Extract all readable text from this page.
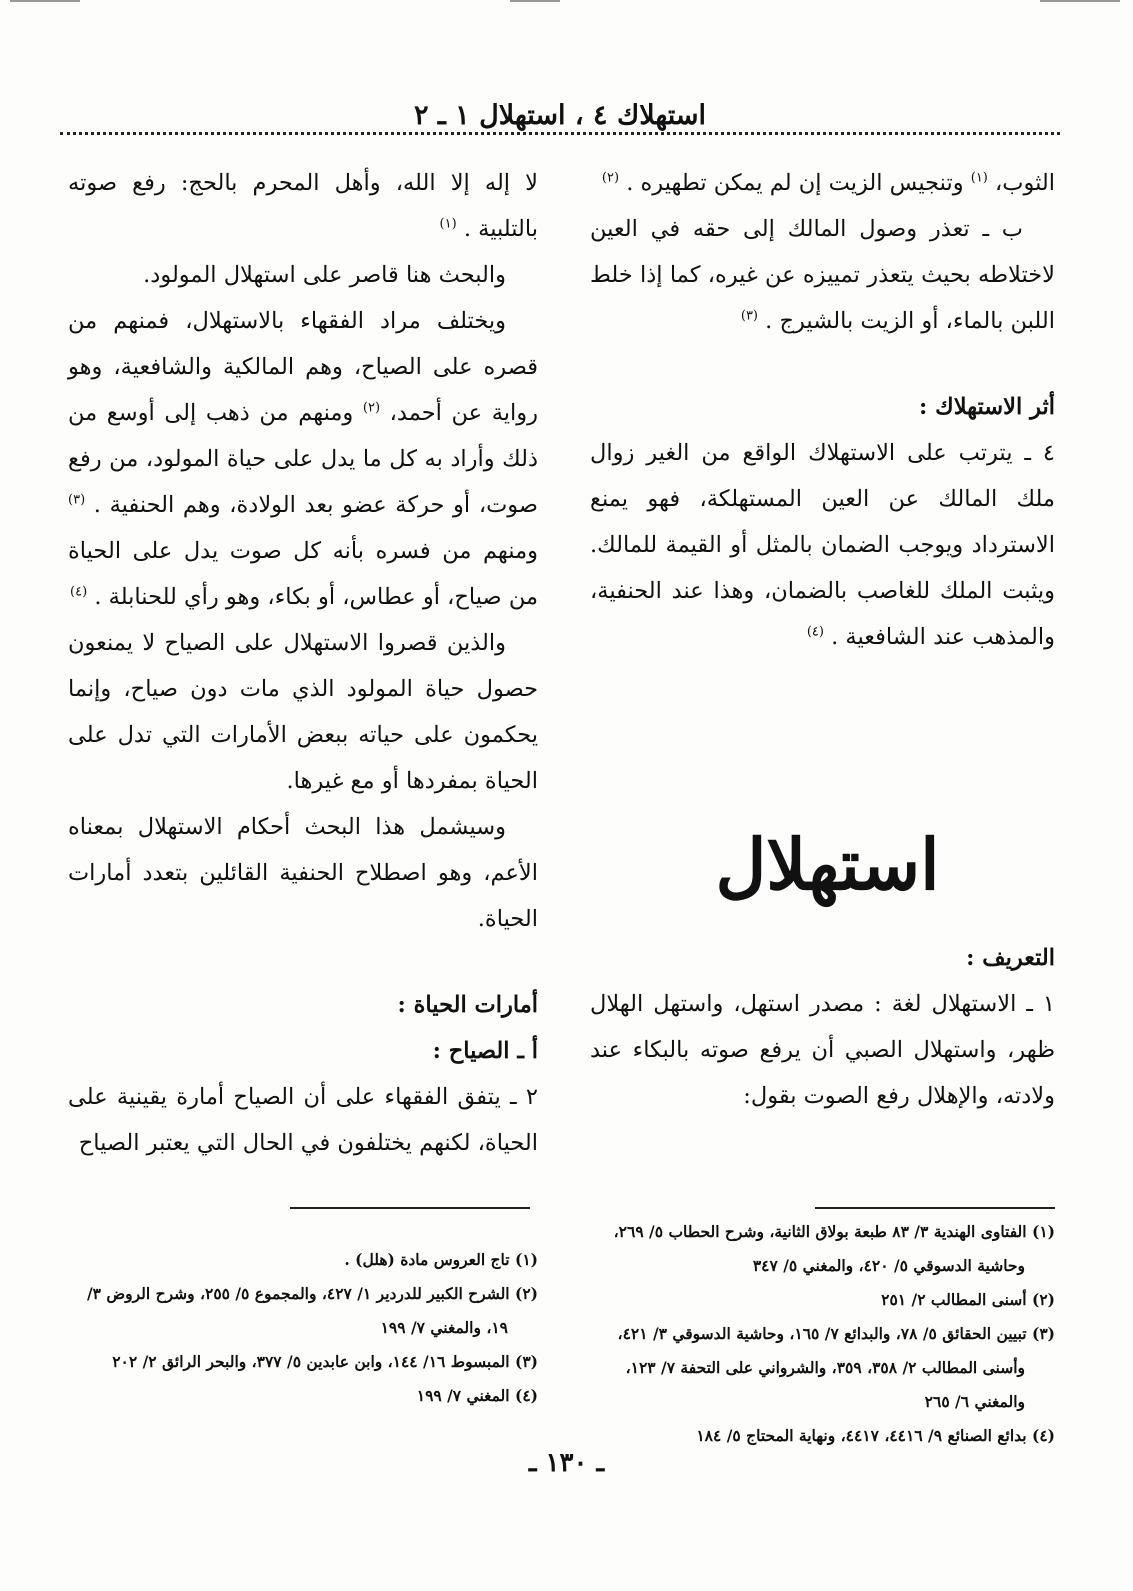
استهلاك ٤ ، استهلال ١ ـ ٢

الثوب، $^{(١)}$ وتنجيس الزيت إن لم يمكن تطهيره . $^{(٢)}$

ب ـ تعذر وصول المالك إلى حقه في العين لاختلاطه بحيث يتعذر تمييزه عن غيره، كما إذا خلط اللبن بالماء، أو الزيت بالشيرج . $^{(٣)}$

أثر الاستهلاك :

٤ ـ يترتب على الاستهلاك الواقع من الغير زوال ملك المالك عن العين المستهلكة، فهو يمنع الاسترداد ويوجب الضمان بالمثل أو القيمة للمالك. ويثبت الملك للغاصب بالضمان، وهذا عند الحنفية، والمذهب عند الشافعية . $^{(٤)}$

استهلال

التعريف :

١ ـ الاستهلال لغة : مصدر استهل، واستهل الهلال ظهر، واستهلال الصبي أن يرفع صوته بالبكاء عند ولادته، والإهلال رفع الصوت بقول:

لا إله إلا الله، وأهل المحرم بالحج: رفع صوته بالتلبية . $^{(١)}$

والبحث هنا قاصر على استهلال المولود.

ويختلف مراد الفقهاء بالاستهلال، فمنهم من قصره على الصياح، وهم المالكية والشافعية، وهو رواية عن أحمد، $^{(٢)}$ ومنهم من ذهب إلى أوسع من ذلك وأراد به كل ما يدل على حياة المولود، من رفع صوت، أو حركة عضو بعد الولادة، وهم الحنفية . $^{(٣)}$ ومنهم من فسره بأنه كل صوت يدل على الحياة من صياح، أو عطاس، أو بكاء، وهو رأي للحنابلة . $^{(٤)}$

والذين قصروا الاستهلال على الصياح لا يمنعون حصول حياة المولود الذي مات دون صياح، وإنما يحكمون على حياته ببعض الأمارات التي تدل على الحياة بمفردها أو مع غيرها.

وسيشمل هذا البحث أحكام الاستهلال بمعناه الأعم، وهو اصطلاح الحنفية القائلين بتعدد أمارات الحياة.

أمارات الحياة :

أ ـ الصياح :

٢ ـ يتفق الفقهاء على أن الصياح أمارة يقينية على الحياة، لكنهم يختلفون في الحال التي يعتبر الصياح

(١) الفتاوى الهندية ٣/ ٨٣ طبعة بولاق الثانية، وشرح الحطاب ٥/ ٢٦٩، وحاشية الدسوقي ٥/ ٤٢٠، والمغني ٥/ ٣٤٧

(٢) أسنى المطالب ٢/ ٢٥١

(٣) تبيين الحقائق ٥/ ٧٨، والبدائع ٧/ ١٦٥، وحاشية الدسوقي ٣/ ٤٢١، وأسنى المطالب ٢/ ٣٥٨، ٣٥٩، والشرواني على التحفة ٧/ ١٢٣، والمغني ٦/ ٢٦٥

(٤) بدائع الصنائع ٩/ ٤٤١٦، ٤٤١٧، ونهاية المحتاج ٥/ ١٨٤

(١) تاج العروس مادة (هلل) .

(٢) الشرح الكبير للدردير ١/ ٤٢٧، والمجموع ٥/ ٢٥٥، وشرح الروض ٣/ ١٩، والمغني ٧/ ١٩٩

(٣) المبسوط ١٦/ ١٤٤، وابن عابدين ٥/ ٣٧٧، والبحر الرائق ٢/ ٢٠٢

(٤) المغني ٧/ ١٩٩

ـ ١٣٠ ـ
